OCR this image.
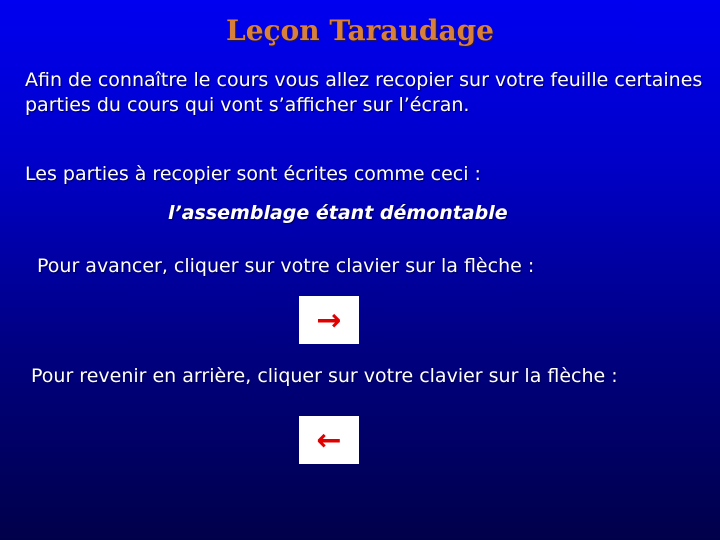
Leçon Taraudage
Afin de connaître le cours vous allez recopier sur votre feuille certaines parties du cours qui vont s’afficher sur l’écran.
Les parties à recopier sont écrites comme ceci :
l’assemblage étant démontable
Pour avancer, cliquer sur votre clavier sur la flèche :
→
Pour revenir en arrière, cliquer sur votre clavier sur la flèche :
←
